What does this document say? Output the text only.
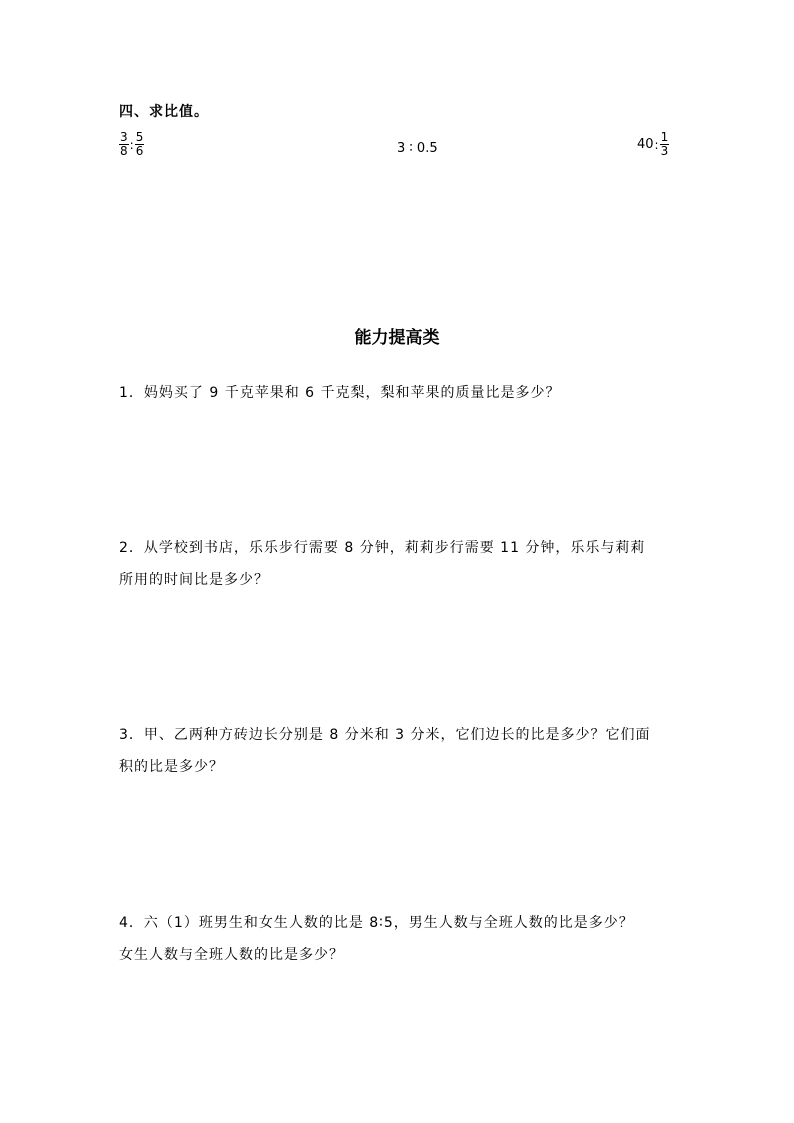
四、求比值。
$\frac{3}{8}$ : $\frac{5}{6}$	3 ∶ 0.5	40: $\frac{1}{3}$
能力提高类
1．妈妈买了 9 千克苹果和 6 千克梨，梨和苹果的质量比是多少？
2．从学校到书店，乐乐步行需要 8 分钟，莉莉步行需要 11 分钟，乐乐与莉莉
所用的时间比是多少？
3．甲、乙两种方砖边长分别是 8 分米和 3 分米，它们边长的比是多少？它们面
积的比是多少？
4．六（1）班男生和女生人数的比是 8∶5，男生人数与全班人数的比是多少？
女生人数与全班人数的比是多少？
